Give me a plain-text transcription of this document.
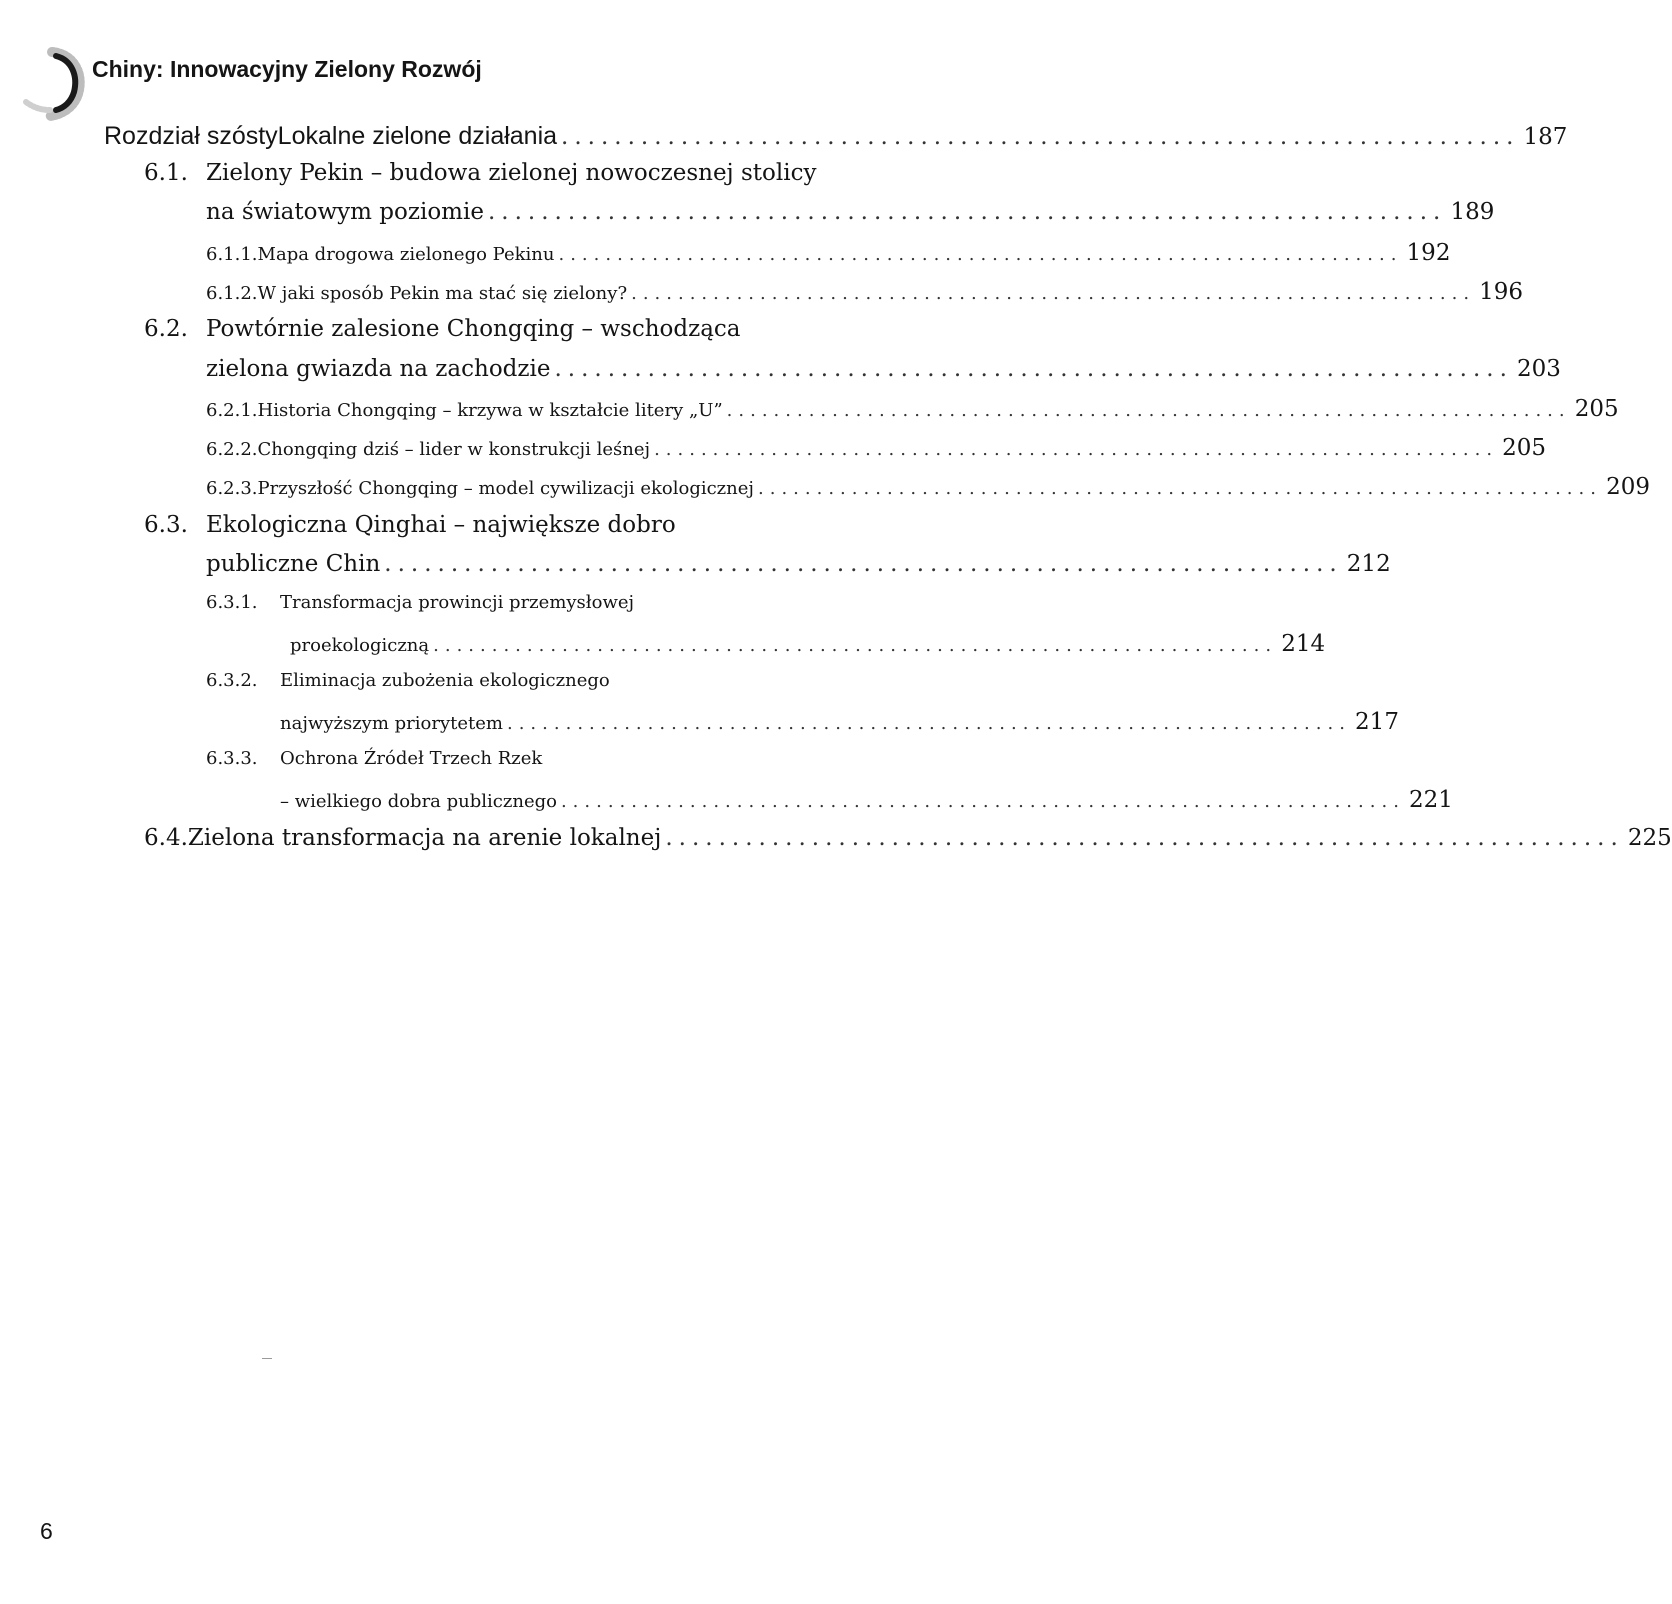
Chiny: Innowacyjny Zielony Rozwój
Rozdział szósty Lokalne zielone działania ........................................................................ 187
6.1. Zielony Pekin – budowa zielonej nowoczesnej stolicy
na światowym poziomie ........................................................................ 189
6.1.1. Mapa drogowa zielonego Pekinu ........................................................................ 192
6.1.2. W jaki sposób Pekin ma stać się zielony? ........................................................................ 196
6.2. Powtórnie zalesione Chongqing – wschodząca
zielona gwiazda na zachodzie ........................................................................ 203
6.2.1. Historia Chongqing – krzywa w kształcie litery „U” ........................................................................ 205
6.2.2. Chongqing dziś – lider w konstrukcji leśnej ........................................................................ 205
6.2.3. Przyszłość Chongqing – model cywilizacji ekologicznej ........................................................................ 209
6.3. Ekologiczna Qinghai – największe dobro
publiczne Chin ........................................................................ 212
6.3.1. Transformacja prowincji przemysłowej
proekologiczną ........................................................................ 214
6.3.2. Eliminacja zubożenia ekologicznego
najwyższym priorytetem ........................................................................ 217
6.3.3. Ochrona Źródeł Trzech Rzek
– wielkiego dobra publicznego ........................................................................ 221
6.4. Zielona transformacja na arenie lokalnej ........................................................................ 225
6
